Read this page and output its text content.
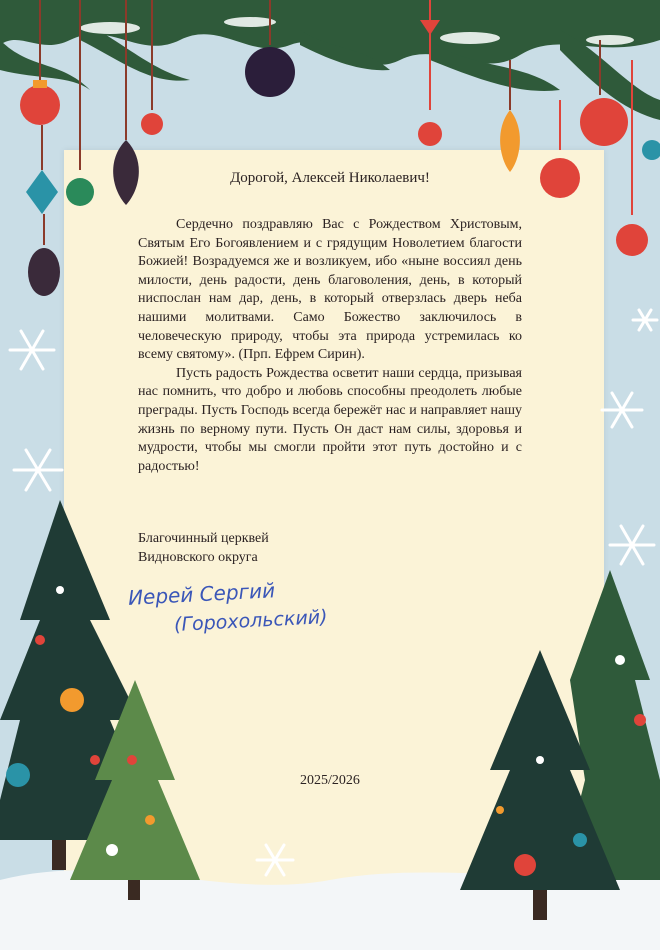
Дорогой, Алексей Николаевич!

Сердечно поздравляю Вас с Рождеством Христовым, Святым Его Богоявлением и с грядущим Новолетием благости Божией! Возрадуемся же и возликуем, ибо «ныне воссиял день милости, день радости, день благоволения, день, в который ниспослан нам дар, день, в который отверзлась дверь неба нашими молитвами. Само Божество заключилось в человеческую природу, чтобы эта природа устремилась ко всему святому». (Прп. Ефрем Сирин).

Пусть радость Рождества осветит наши сердца, призывая нас помнить, что добро и любовь способны преодолеть любые преграды. Пусть Господь всегда бережёт нас и направляет нашу жизнь по верному пути. Пусть Он даст нам силы, здоровья и мудрости, чтобы мы смогли пройти этот путь достойно и с радостью!

Благочинный церквей
Видновского округа
Иерей Сергий
(Горохольский)
2025/2026
